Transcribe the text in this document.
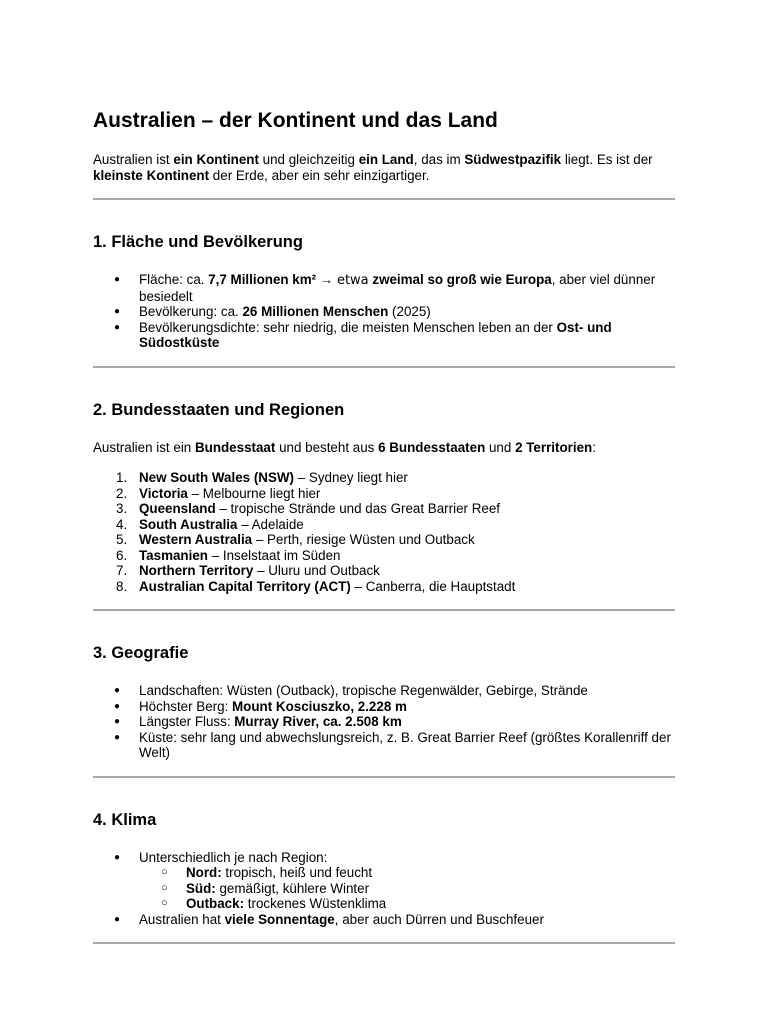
Australien – der Kontinent und das Land

Australien ist ein Kontinent und gleichzeitig ein Land, das im Südwestpazifik liegt. Es ist der kleinste Kontinent der Erde, aber ein sehr einzigartiger.

1. Fläche und Bevölkerung
● Fläche: ca. 7,7 Millionen km² → etwa zweimal so groß wie Europa, aber viel dünner besiedelt
● Bevölkerung: ca. 26 Millionen Menschen (2025)
● Bevölkerungsdichte: sehr niedrig, die meisten Menschen leben an der Ost- und Südostküste
2. Bundesstaaten und Regionen

Australien ist ein Bundesstaat und besteht aus 6 Bundesstaaten und 2 Territorien:

New South Wales (NSW) – Sydney liegt hier
Victoria – Melbourne liegt hier
Queensland – tropische Strände und das Great Barrier Reef
South Australia – Adelaide
Western Australia – Perth, riesige Wüsten und Outback
Tasmanien – Inselstaat im Süden
Northern Territory – Uluru und Outback
Australian Capital Territory (ACT) – Canberra, die Hauptstadt
3. Geografie
● Landschaften: Wüsten (Outback), tropische Regenwälder, Gebirge, Strände
● Höchster Berg: Mount Kosciuszko, 2.228 m
● Längster Fluss: Murray River, ca. 2.508 km
● Küste: sehr lang und abwechslungsreich, z. B. Great Barrier Reef (größtes Korallenriff der Welt)
4. Klima
● Unterschiedlich je nach Region:
○ Nord: tropisch, heiß und feucht
○ Süd: gemäßigt, kühlere Winter
○ Outback: trockenes Wüstenklima
● Australien hat viele Sonnentage, aber auch Dürren und Buschfeuer
